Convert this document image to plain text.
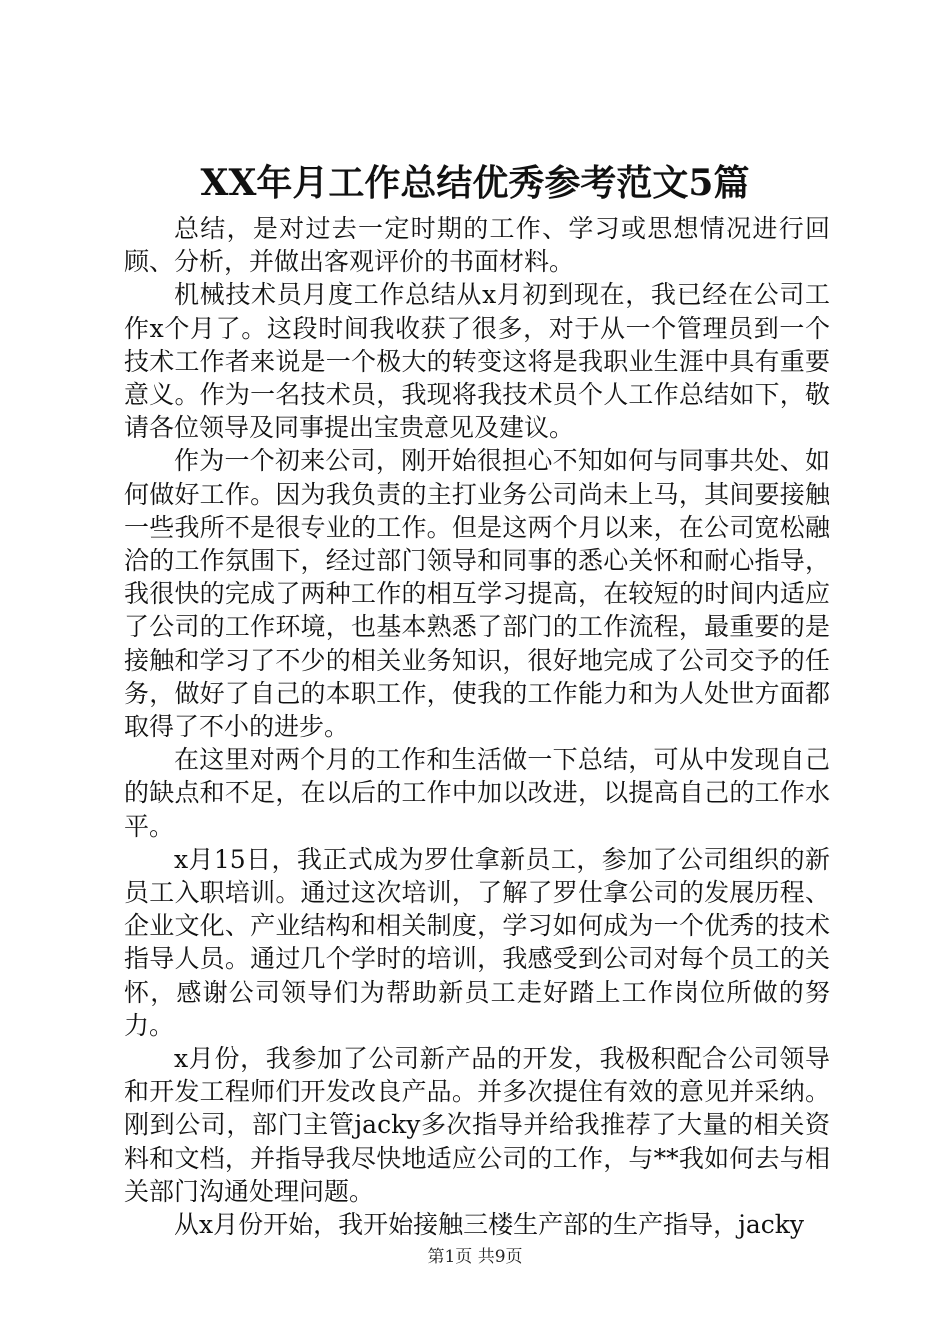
XX年月工作总结优秀参考范文5篇

总结，是对过去一定时期的工作、学习或思想情况进行回顾、分析，并做出客观评价的书面材料。

机械技术员月度工作总结从x月初到现在，我已经在公司工作x个月了。这段时间我收获了很多，对于从一个管理员到一个技术工作者来说是一个极大的转变这将是我职业生涯中具有重要意义。作为一名技术员，我现将我技术员个人工作总结如下，敬请各位领导及同事提出宝贵意见及建议。

作为一个初来公司，刚开始很担心不知如何与同事共处、如何做好工作。因为我负责的主打业务公司尚未上马，其间要接触一些我所不是很专业的工作。但是这两个月以来，在公司宽松融洽的工作氛围下，经过部门领导和同事的悉心关怀和耐心指导，我很快的完成了两种工作的相互学习提高，在较短的时间内适应了公司的工作环境，也基本熟悉了部门的工作流程，最重要的是接触和学习了不少的相关业务知识，很好地完成了公司交予的任务，做好了自己的本职工作，使我的工作能力和为人处世方面都取得了不小的进步。

在这里对两个月的工作和生活做一下总结，可从中发现自己的缺点和不足，在以后的工作中加以改进，以提高自己的工作水平。

x月15日，我正式成为罗仕拿新员工，参加了公司组织的新员工入职培训。通过这次培训，了解了罗仕拿公司的发展历程、企业文化、产业结构和相关制度，学习如何成为一个优秀的技术指导人员。通过几个学时的培训，我感受到公司对每个员工的关怀，感谢公司领导们为帮助新员工走好踏上工作岗位所做的努力。

x月份，我参加了公司新产品的开发，我极积配合公司领导和开发工程师们开发改良产品。并多次提住有效的意见并采纳。刚到公司，部门主管jacky多次指导并给我推荐了大量的相关资料和文档，并指导我尽快地适应公司的工作，与**我如何去与相关部门沟通处理问题。

从x月份开始，我开始接触三楼生产部的生产指导，jacky

第1页 共9页
